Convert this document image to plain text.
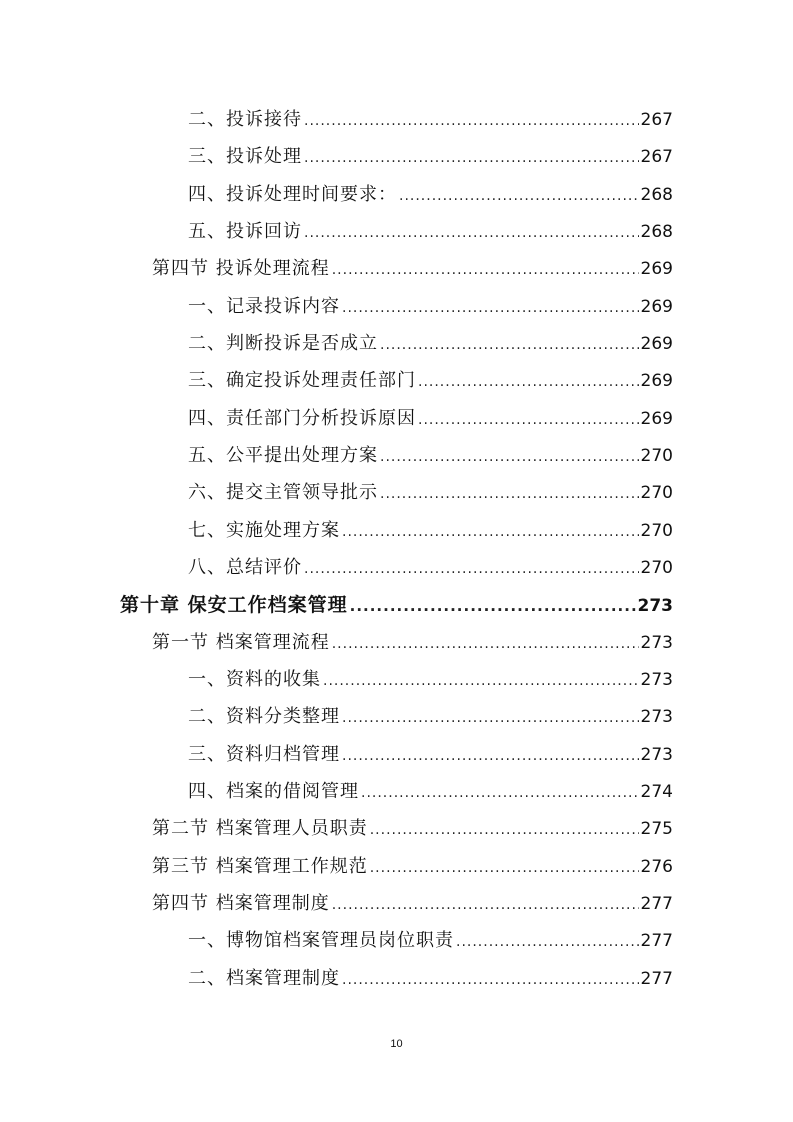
二、投诉接待 .....	267
三、投诉处理 .....	267
四、投诉处理时间要求： .....	268
五、投诉回访 .....	268
第四节 投诉处理流程 .....	269
一、记录投诉内容 .....	269
二、判断投诉是否成立 .....	269
三、确定投诉处理责任部门 .....	269
四、责任部门分析投诉原因 .....	269
五、公平提出处理方案 .....	270
六、提交主管领导批示 .....	270
七、实施处理方案 .....	270
八、总结评价 .....	270
第十章 保安工作档案管理 .....	273
第一节 档案管理流程 .....	273
一、资料的收集 .....	273
二、资料分类整理 .....	273
三、资料归档管理 .....	273
四、档案的借阅管理 .....	274
第二节 档案管理人员职责 .....	275
第三节 档案管理工作规范 .....	276
第四节 档案管理制度 .....	277
一、博物馆档案管理员岗位职责 .....	277
二、档案管理制度 .....	277
10
